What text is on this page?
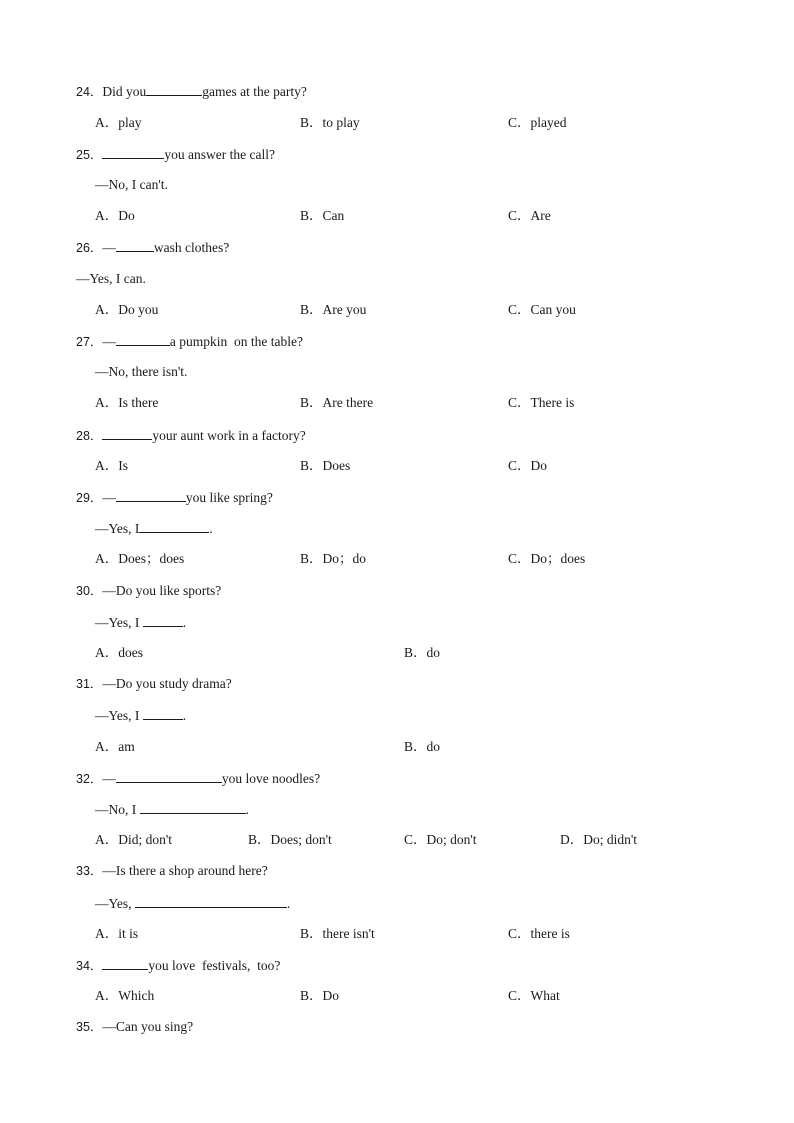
24．Did you	games at the party?
A．play	B．to play	C．played
25．	you answer the call?
—No, I can't.
A．Do	B．Can	C．Are
26．—	wash clothes?
—Yes, I can.
A．Do you	B．Are you	C．Can you
27．—	a pumpkin  on the table?
—No, there isn't.
A．Is there	B．Are there	C．There is
28．	your aunt work in a factory?
A．Is	B．Does	C．Do
29．—	you like spring?
—Yes, I	.
A．Does；does	B．Do；do	C．Do；does
30．—Do you like sports?
—Yes, I	.
A．does	B．do
31．—Do you study drama?
—Yes, I	.
A．am	B．do
32．—	you love noodles?
—No, I	.
A．Did; don't	B．Does; don't	C．Do; don't	D．Do; didn't
33．—Is there a shop around here?
—Yes,	.
A．it is	B．there isn't	C．there is
34．	you love  festivals,  too?
A．Which	B．Do	C．What
35．—Can you sing?
